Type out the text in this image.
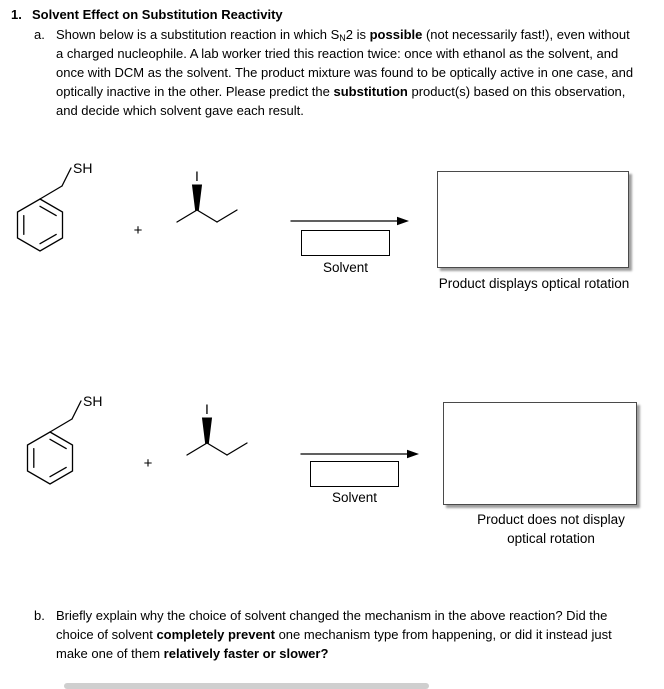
1. Solvent Effect on Substitution Reactivity
a. Shown below is a substitution reaction in which $S_N2$ is possible (not necessarily fast!), even without a charged nucleophile. A lab worker tried this reaction twice: once with ethanol as the solvent, and once with DCM as the solvent. The product mixture was found to be optically active in one case, and optically inactive in the other. Please predict the substitution product(s) based on this observation, and decide which solvent gave each result.

SH
+
I
Solvent
Product displays optical rotation
SH
+
I
Solvent
Product does not display
optical rotation
b. Briefly explain why the choice of solvent changed the mechanism in the above reaction? Did the choice of solvent completely prevent one mechanism type from happening, or did it instead just make one of them relatively faster or slower?
